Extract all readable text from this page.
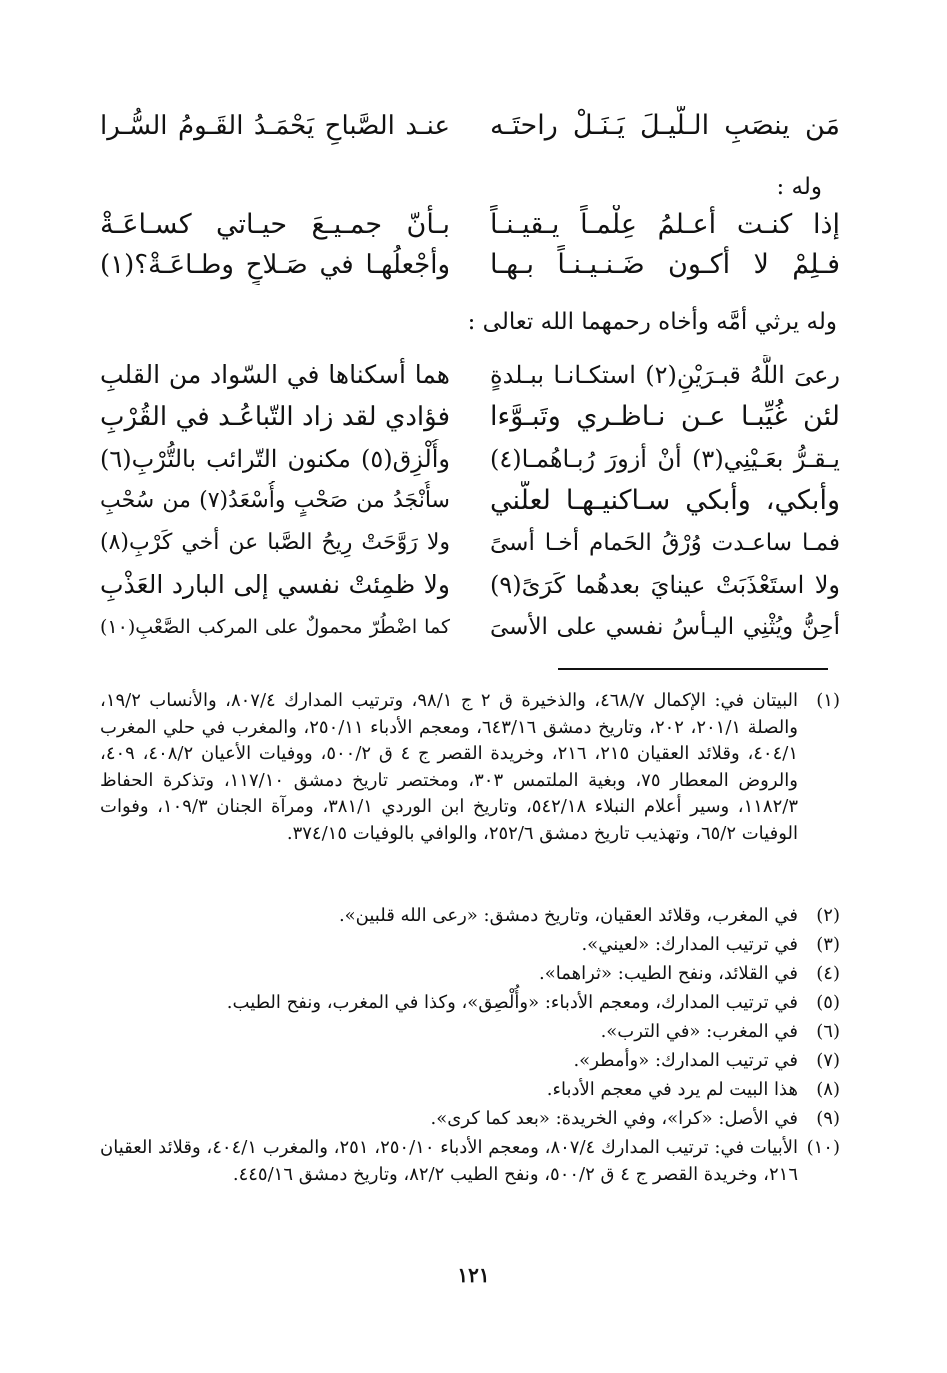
مَن ينصَبِ الـلَّيـلَ يَـنَـلْ راحتَـه
عنـد الصَّباحِ يَحْمَـدُ القَـومُ السُّـرا
وله :
إذا كنـت أعـلمُ عِلْمـاً يـقيـنـاً
بـأنّ جمـيـعَ حيـاتي كسـاعَـةْ
فـلِمْ لا أكـون ضَـنـيـنـاً بـهـا
وأجْعلُهـا في صَـلاحٍ وطـاعَـةْ؟(١)
وله يرثي أمَّه وأخاه رحمهما الله تعالى :
رعىَ اللَّهُ قبـرَيْنِ(٢) استكـانـا ببـلدةٍ
هما أسكناها في السّواد من القلبِ
لئن غُيِّبـا عـن نـاظـري وتَبـوَّءا
فؤادي لقد زاد التّباعُـد في القُرْبِ
يـقـرُّ بعَـيْنِي(٣) أنْ أزورَ رُبـاهُمـا(٤)
وأُلْزِق(٥) مكنون التّرائب بالتُّرْبِ(٦)
وأبكي، وأبكي سـاكنيـهـا لعلّني
سأُنْجَدُ من صَحْبٍ وأُسْعَدُ(٧) من سُحْبِ
فمـا ساعـدت وُرْقُ الحَمام أخـا أسىً
ولا رَوَّحَتْ رِيحُ الصَّبا عن أخي كَرْبِ(٨)
ولا استَعْذَبَتْ عينايَ بعدهُما كَرَىً(٩)
ولا ظمِئتْ نفسي إلى البارد العَذْبِ
أحِنُّ ويُثْنِي اليـأسُ نفسي على الأسىَ
كما اضْطُرّ محمولٌ على المركب الصَّعْبِ(١٠)
(١)
البيتان في: الإكمال ٤٦٨/٧، والذخيرة ق ٢ ج ٩٨/١، وترتيب المدارك ٨٠٧/٤، والأنساب ١٩/٢، والصلة ٢٠١/١، ٢٠٢، وتاريخ دمشق ٦٤٣/١٦، ومعجم الأدباء ٢٥٠/١١، والمغرب في حلي المغرب ٤٠٤/١، وقلائد العقيان ٢١٥، ٢١٦، وخريدة القصر ج ٤ ق ٥٠٠/٢، ووفيات الأعيان ٤٠٨/٢، ٤٠٩، والروض المعطار ٧٥، وبغية الملتمس ٣٠٣، ومختصر تاريخ دمشق ١١٧/١٠، وتذكرة الحفاظ ١١٨٢/٣، وسير أعلام النبلاء ٥٤٢/١٨، وتاريخ ابن الوردي ٣٨١/١، ومرآة الجنان ١٠٩/٣، وفوات الوفيات ٦٥/٢، وتهذيب تاريخ دمشق ٢٥٢/٦، والوافي بالوفيات ٣٧٤/١٥.
(٢)
في المغرب، وقلائد العقيان، وتاريخ دمشق: «رعى الله قلبين».
(٣)
في ترتيب المدارك: «لعيني».
(٤)
في القلائد، ونفح الطيب: «ثراهما».
(٥)
في ترتيب المدارك، ومعجم الأدباء: «وأُلْصِق»، وكذا في المغرب، ونفح الطيب.
(٦)
في المغرب: «في الترب».
(٧)
في ترتيب المدارك: «وأمطر».
(٨)
هذا البيت لم يرد في معجم الأدباء.
(٩)
في الأصل: «كرا»، وفي الخريدة: «بعد كما كرى».
(١٠)
الأبيات في: ترتيب المدارك ٨٠٧/٤، ومعجم الأدباء ٢٥٠/١٠، ٢٥١، والمغرب ٤٠٤/١، وقلائد العقيان ٢١٦، وخريدة القصر ج ٤ ق ٥٠٠/٢، ونفح الطيب ٨٢/٢، وتاريخ دمشق ٤٤٥/١٦.
١٢١
